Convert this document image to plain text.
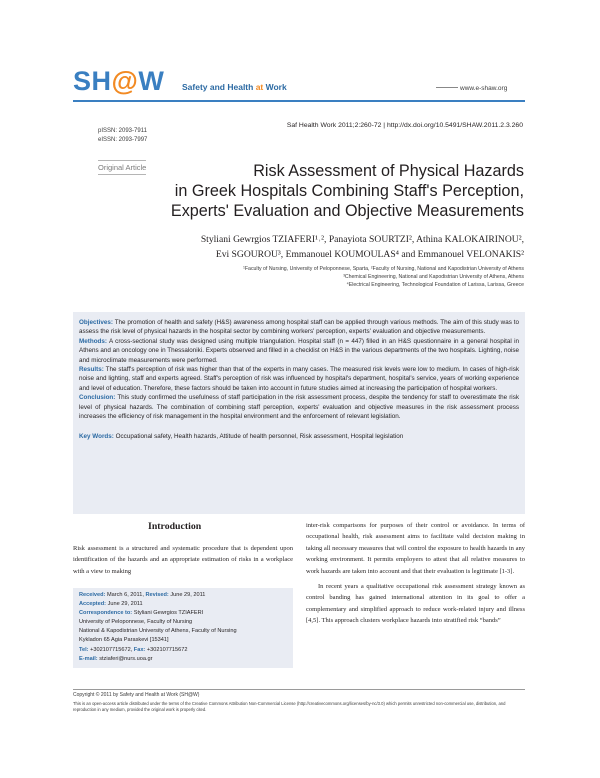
SH@W Safety and Health at Work	www.e-shaw.org
Saf Health Work 2011;2:260-72 | http://dx.doi.org/10.5491/SHAW.2011.2.3.260
pISSN: 2093-7911
eISSN: 2093-7997
Original Article	Risk Assessment of Physical Hazards
in Greek Hospitals Combining Staff's Perception,
Experts' Evaluation and Objective Measurements
Styliani Gewrgios TZIAFERI¹˒², Panayiota SOURTZI², Athina KALOKAIRINOU²,
Evi SGOUROU³, Emmanouel KOUMOULAS⁴ and Emmanouel VELONAKIS²
¹Faculty of Nursing, University of Peloponnese, Sparta, ²Faculty of Nursing, National and Kapodistrian University of Athens
³Chemical Engineering, National and Kapodistrian University of Athens, Athens
⁴Electrical Engineering, Technological Foundation of Larissa, Larissa, Greece

Objectives: The promotion of health and safety (H&S) awareness among hospital staff can be applied through various methods. The aim of this study was to assess the risk level of physical hazards in the hospital sector by combining workers' perception, experts' evaluation and objective measurements.

Methods: A cross-sectional study was designed using multiple triangulation. Hospital staff (n = 447) filled in an H&S questionnaire in a general hospital in Athens and an oncology one in Thessaloniki. Experts observed and filled in a checklist on H&S in the various departments of the two hospitals. Lighting, noise and microclimate measurements were performed.

Results: The staff's perception of risk was higher than that of the experts in many cases. The measured risk levels were low to medium. In cases of high-risk noise and lighting, staff and experts agreed. Staff's perception of risk was influenced by hospital's department, hospital's service, years of working experience and level of education. Therefore, these factors should be taken into account in future studies aimed at increasing the participation of hospital workers.

Conclusion: This study confirmed the usefulness of staff participation in the risk assessment process, despite the tendency for staff to overestimate the risk level of physical hazards. The combination of combining staff perception, experts' evaluation and objective measures in the risk assessment process increases the efficiency of risk management in the hospital environment and the enforcement of relevant legislation.

Key Words: Occupational safety, Health hazards, Attitude of health personnel, Risk assessment, Hospital legislation

Introduction

Risk assessment is a structured and systematic procedure that is dependent upon identification of the hazards and an appropriate estimation of risks in a workplace with a view to making

inter-risk comparisons for purposes of their control or avoidance. In terms of occupational health, risk assessment aims to facilitate valid decision making in taking all necessary measures that will control the exposure to health hazards in any working environment. It permits employers to attest that all relative measures to work hazards are taken into account and that their evaluation is legitimate [1-3].

In recent years a qualitative occupational risk assessment strategy known as control banding has gained international attention in its goal to offer a complementary and simplified approach to reduce work-related injury and illness [4,5]. This approach clusters workplace hazards into stratified risk “bands”

Received: March 6, 2011, Revised: June 29, 2011
Accepted: June 29, 2011
Correspondence to: Styliani Gewrgios TZIAFERI
University of Peloponnese, Faculty of Nursing
National & Kapodistrian University of Athens, Faculty of Nursing
Kykladon 65 Agia Paraskevi [15341]
Tel: +302107715672, Fax: +302107715672
E-mail: stziaferi@nurs.uoa.gr
Copyright © 2011 by Safety and Health at Work (SH@W)
This is an open-access article distributed under the terms of the Creative Commons Attribution Non-Commercial License (http://creativecommons.org/licenses/by-nc/3.0) which permits unrestricted non-commercial use, distribution, and reproduction in any medium, provided the original work is properly cited.
